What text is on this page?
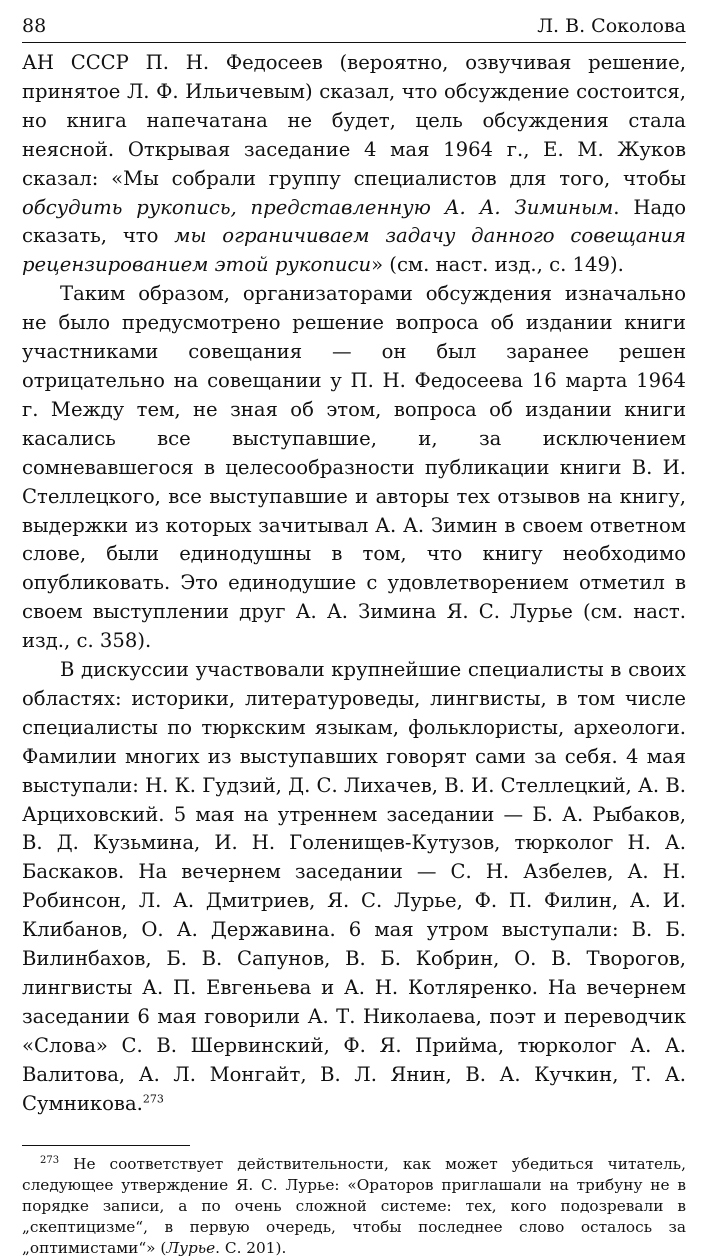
88	Л. В. Соколова

АН СССР П. Н. Федосеев (вероятно, озвучивая решение, принятое Л. Ф. Ильичевым) сказал, что обсуждение состоится, но книга напечатана не будет, цель обсуждения стала неясной. Открывая заседание 4 мая 1964 г., Е. М. Жуков сказал: «Мы собрали группу специалистов для того, чтобы обсудить рукопись, представленную А. А. Зиминым. Надо сказать, что мы ограничиваем задачу данного совещания рецензированием этой рукописи» (см. наст. изд., с. 149).

Таким образом, организаторами обсуждения изначально не было предусмотрено решение вопроса об издании книги участниками совещания — он был заранее решен отрицательно на совещании у П. Н. Федосеева 16 марта 1964 г. Между тем, не зная об этом, вопроса об издании книги касались все выступавшие, и, за исключением сомневавшегося в целесообразности публикации книги В. И. Стеллецкого, все выступавшие и авторы тех отзывов на книгу, выдержки из которых зачитывал А. А. Зимин в своем ответном слове, были единодушны в том, что книгу необходимо опубликовать. Это единодушие с удовлетворением отметил в своем выступлении друг А. А. Зимина Я. С. Лурье (см. наст. изд., с. 358).

В дискуссии участвовали крупнейшие специалисты в своих областях: историки, литературоведы, лингвисты, в том числе специалисты по тюркским языкам, фольклористы, археологи. Фамилии многих из выступавших говорят сами за себя. 4 мая выступали: Н. К. Гудзий, Д. С. Лихачев, В. И. Стеллецкий, А. В. Арциховский. 5 мая на утреннем заседании — Б. А. Рыбаков, В. Д. Кузьмина, И. Н. Голенищев-Кутузов, тюрколог Н. А. Баскаков. На вечернем заседании — С. Н. Азбелев, А. Н. Робинсон, Л. А. Дмитриев, Я. С. Лурье, Ф. П. Филин, А. И. Клибанов, О. А. Державина. 6 мая утром выступали: В. Б. Вилинбахов, Б. В. Сапунов, В. Б. Кобрин, О. В. Творогов, лингвисты А. П. Евгеньева и А. Н. Котляренко. На вечернем заседании 6 мая говорили А. Т. Николаева, поэт и переводчик «Слова» С. В. Шервинский, Ф. Я. Прийма, тюрколог А. А. Валитова, А. Л. Монгайт, В. Л. Янин, В. А. Кучкин, Т. А. Сумникова.$^{273}$

$^{273}$ Не соответствует действительности, как может убедиться читатель, следующее утверждение Я. С. Лурье: «Ораторов приглашали на трибуну не в порядке записи, а по очень сложной системе: тех, кого подозревали в „скептицизме“, в первую очередь, чтобы последнее слово осталось за „оптимистами“» (Лурье. С. 201).
